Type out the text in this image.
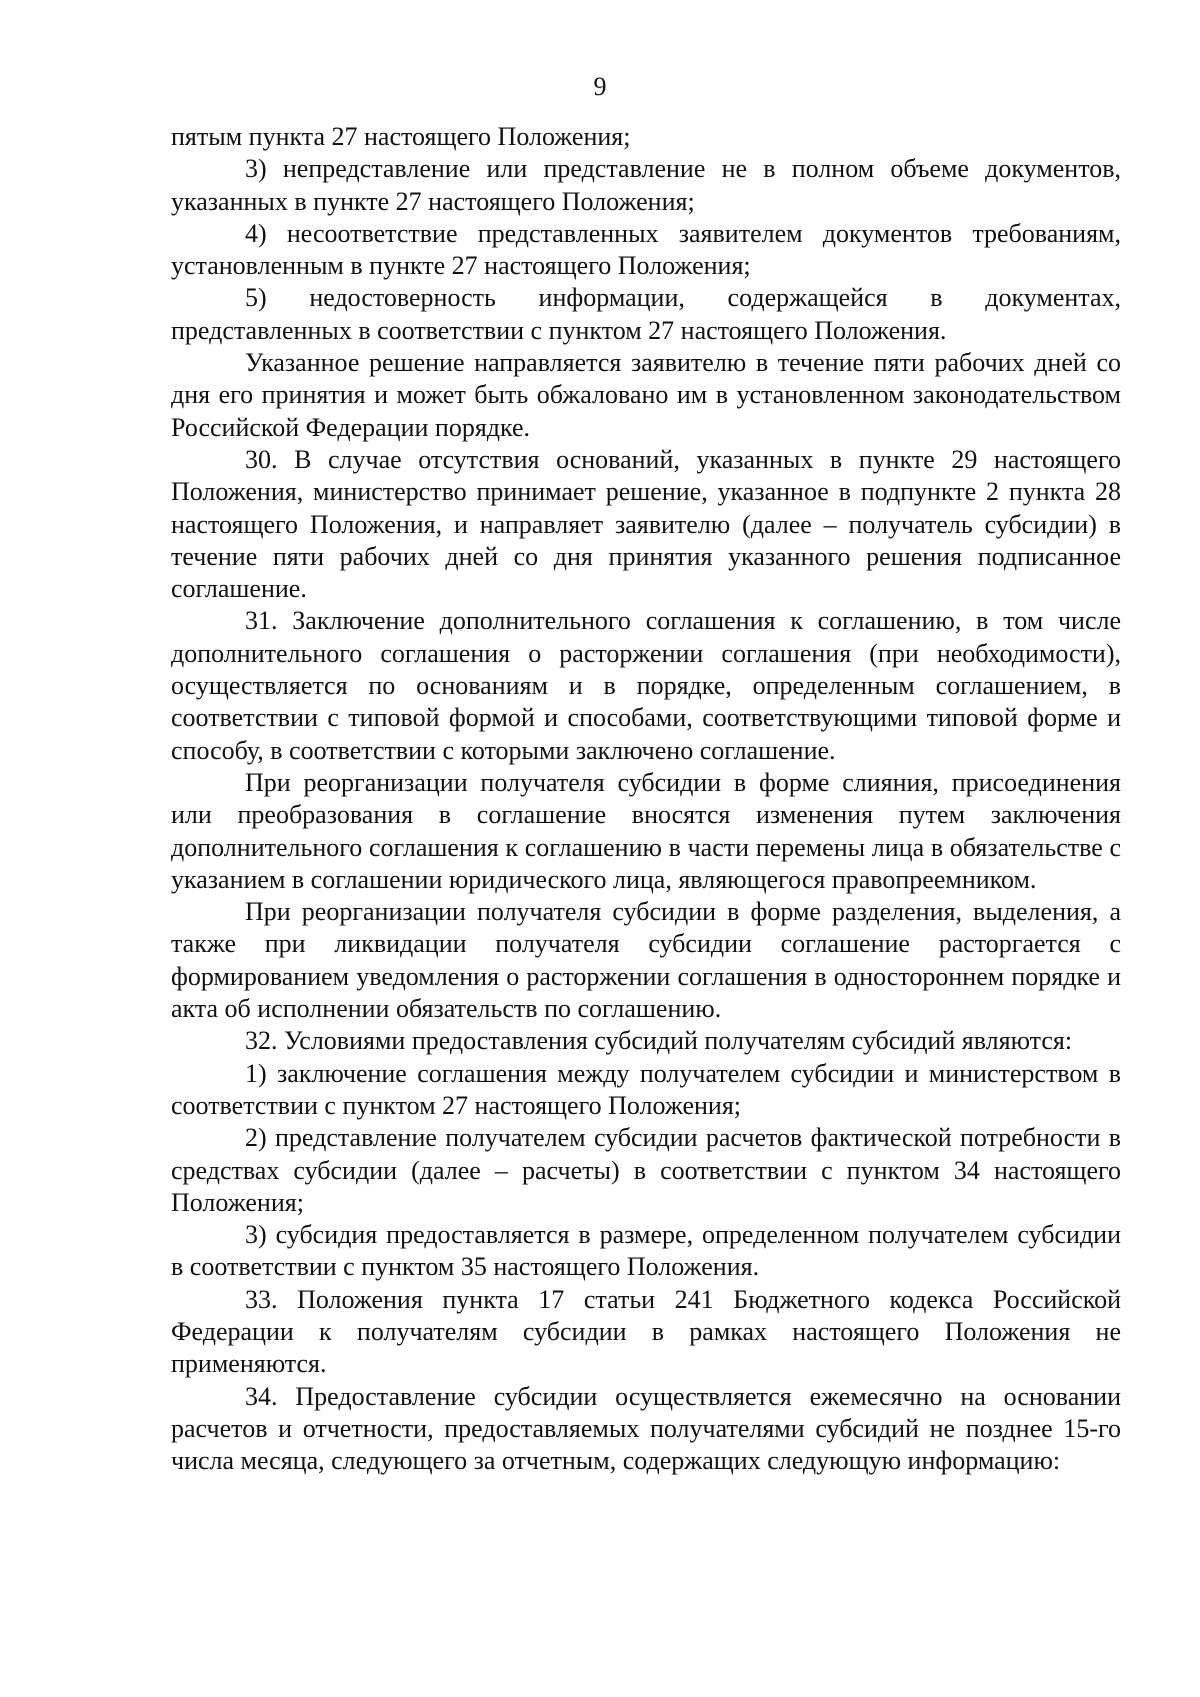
9

пятым пункта 27 настоящего Положения;

3) непредставление или представление не в полном объеме документов, указанных в пункте 27 настоящего Положения;

4) несоответствие представленных заявителем документов требованиям, установленным в пункте 27 настоящего Положения;

5) недостоверность информации, содержащейся в документах, представленных в соответствии с пунктом 27 настоящего Положения.

Указанное решение направляется заявителю в течение пяти рабочих дней со дня его принятия и может быть обжаловано им в установленном законодательством Российской Федерации порядке.

30. В случае отсутствия оснований, указанных в пункте 29 настоящего Положения, министерство принимает решение, указанное в подпункте 2 пункта 28 настоящего Положения, и направляет заявителю (далее – получатель субсидии) в течение пяти рабочих дней со дня принятия указанного решения подписанное соглашение.

31. Заключение дополнительного соглашения к соглашению, в том числе дополнительного соглашения о расторжении соглашения (при необходимости), осуществляется по основаниям и в порядке, определенным соглашением, в соответствии с типовой формой и способами, соответствующими типовой форме и способу, в соответствии с которыми заключено соглашение.

При реорганизации получателя субсидии в форме слияния, присоединения или преобразования в соглашение вносятся изменения путем заключения дополнительного соглашения к соглашению в части перемены лица в обязательстве с указанием в соглашении юридического лица, являющегося правопреемником.

При реорганизации получателя субсидии в форме разделения, выделения, а также при ликвидации получателя субсидии соглашение расторгается с формированием уведомления о расторжении соглашения в одностороннем порядке и акта об исполнении обязательств по соглашению.

32. Условиями предоставления субсидий получателям субсидий являются:

1) заключение соглашения между получателем субсидии и министерством в соответствии с пунктом 27 настоящего Положения;

2) представление получателем субсидии расчетов фактической потребности в средствах субсидии (далее – расчеты) в соответствии с пунктом 34 настоящего Положения;

3) субсидия предоставляется в размере, определенном получателем субсидии в соответствии с пунктом 35 настоящего Положения.

33. Положения пункта 17 статьи 241 Бюджетного кодекса Российской Федерации к получателям субсидии в рамках настоящего Положения не применяются.

34. Предоставление субсидии осуществляется ежемесячно на основании расчетов и отчетности, предоставляемых получателями субсидий не позднее 15-го числа месяца, следующего за отчетным, содержащих следующую информацию:
